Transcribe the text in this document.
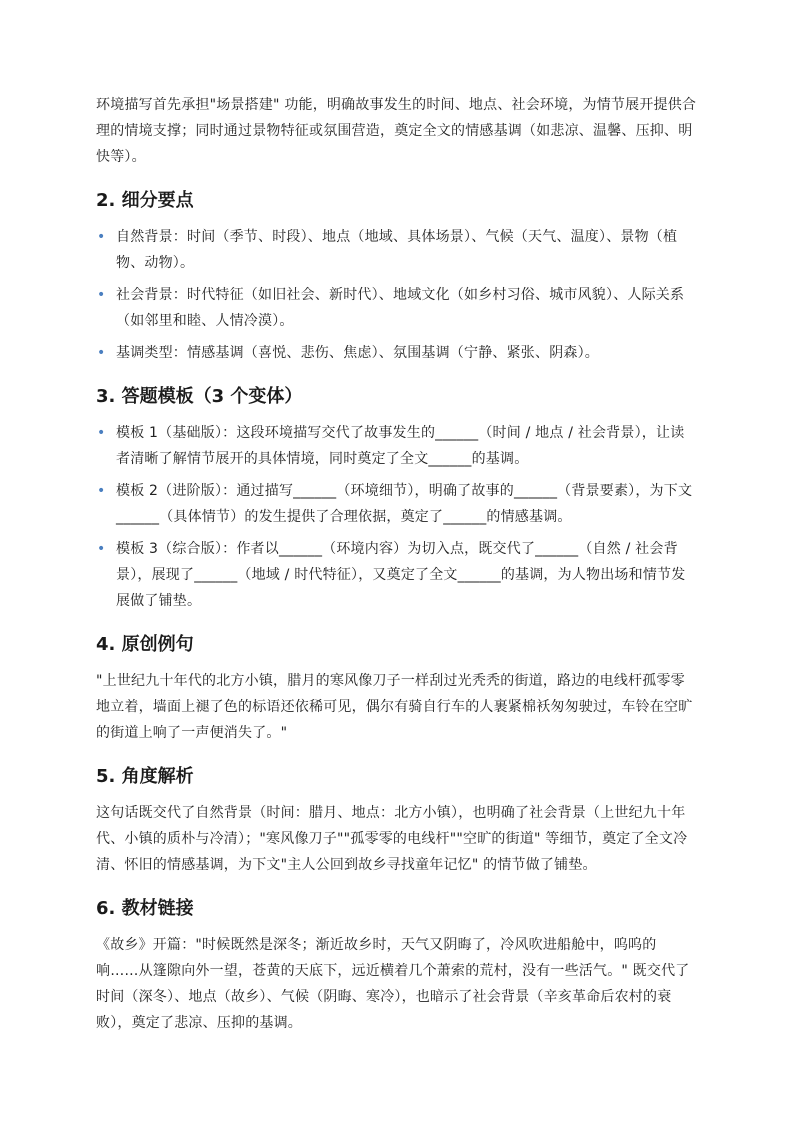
环境描写首先承担"场景搭建" 功能，明确故事发生的时间、地点、社会环境，为情节展开提供合理的情境支撑；同时通过景物特征或氛围营造，奠定全文的情感基调（如悲凉、温馨、压抑、明快等）。

2. 细分要点
• 自然背景：时间（季节、时段）、地点（地域、具体场景）、气候（天气、温度）、景物（植物、动物）。
• 社会背景：时代特征（如旧社会、新时代）、地域文化（如乡村习俗、城市风貌）、人际关系（如邻里和睦、人情冷漠）。
• 基调类型：情感基调（喜悦、悲伤、焦虑）、氛围基调（宁静、紧张、阴森）。
3. 答题模板（3 个变体）
• 模板 1（基础版）：这段环境描写交代了故事发生的______（时间 / 地点 / 社会背景），让读者清晰了解情节展开的具体情境，同时奠定了全文______的基调。
• 模板 2（进阶版）：通过描写______（环境细节），明确了故事的______（背景要素），为下文______（具体情节）的发生提供了合理依据，奠定了______的情感基调。
• 模板 3（综合版）：作者以______（环境内容）为切入点，既交代了______（自然 / 社会背景），展现了______（地域 / 时代特征），又奠定了全文______的基调，为人物出场和情节发展做了铺垫。
4. 原创例句

"上世纪九十年代的北方小镇，腊月的寒风像刀子一样刮过光秃秃的街道，路边的电线杆孤零零地立着，墙面上褪了色的标语还依稀可见，偶尔有骑自行车的人裹紧棉袄匆匆驶过，车铃在空旷的街道上响了一声便消失了。"

5. 角度解析

这句话既交代了自然背景（时间：腊月、地点：北方小镇），也明确了社会背景（上世纪九十年代、小镇的质朴与冷清）；"寒风像刀子""孤零零的电线杆""空旷的街道" 等细节，奠定了全文冷清、怀旧的情感基调，为下文"主人公回到故乡寻找童年记忆" 的情节做了铺垫。

6. 教材链接

《故乡》开篇："时候既然是深冬；渐近故乡时，天气又阴晦了，冷风吹进船舱中，呜呜的响……从篷隙向外一望，苍黄的天底下，远近横着几个萧索的荒村，没有一些活气。" 既交代了时间（深冬）、地点（故乡）、气候（阴晦、寒冷），也暗示了社会背景（辛亥革命后农村的衰败），奠定了悲凉、压抑的基调。
